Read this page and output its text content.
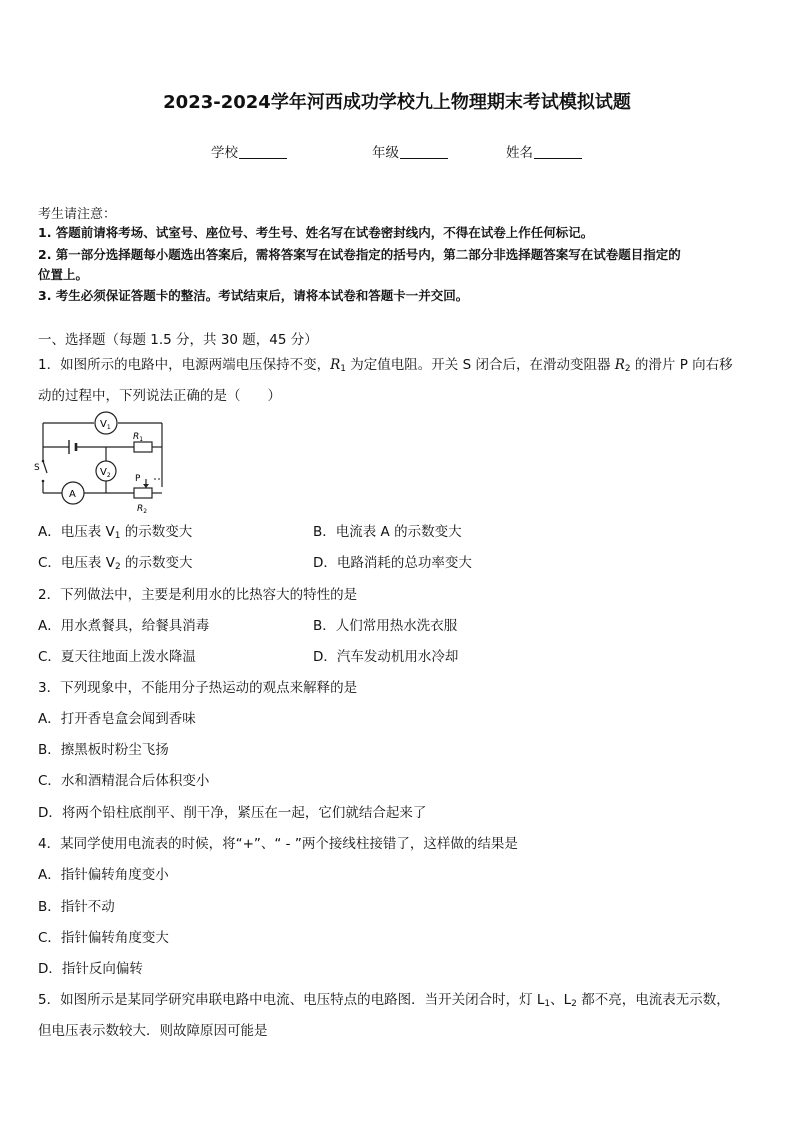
2023-2024学年河西成功学校九上物理期末考试模拟试题
学校	年级	姓名
考生请注意：
1. 答题前请将考场、试室号、座位号、考生号、姓名写在试卷密封线内，不得在试卷上作任何标记。
2. 第一部分选择题每小题选出答案后，需将答案写在试卷指定的括号内，第二部分非选择题答案写在试卷题目指定的
位置上。
3. 考生必须保证答题卡的整洁。考试结束后，请将本试卷和答题卡一并交回。
一、选择题（每题 1.5 分，共 30 题，45 分）
1．如图所示的电路中，电源两端电压保持不变，$R_1$ 为定值电阻。开关 S 闭合后，在滑动变阻器 $R_2$ 的滑片 P 向右移
动的过程中，下列说法正确的是（　　）
$R_1$
P
$R_2$
$V_1$
$V_2$
A
S
A．电压表 $V_1$ 的示数变大	B．电流表 A 的示数变大
C．电压表 $V_2$ 的示数变大	D．电路消耗的总功率变大
2．下列做法中，主要是利用水的比热容大的特性的是
A．用水煮餐具，给餐具消毒	B．人们常用热水洗衣服
C．夏天往地面上泼水降温	D．汽车发动机用水冷却
3．下列现象中，不能用分子热运动的观点来解释的是
A．打开香皂盒会闻到香味
B．擦黑板时粉尘飞扬
C．水和酒精混合后体积变小
D．将两个铅柱底削平、削干净，紧压在一起，它们就结合起来了
4．某同学使用电流表的时候，将“+”、“ - ”两个接线柱接错了，这样做的结果是
A．指针偏转角度变小
B．指针不动
C．指针偏转角度变大
D．指针反向偏转
5．如图所示是某同学研究串联电路中电流、电压特点的电路图．当开关闭合时，灯 $L_1$、$L_2$ 都不亮，电流表无示数，
但电压表示数较大．则故障原因可能是
